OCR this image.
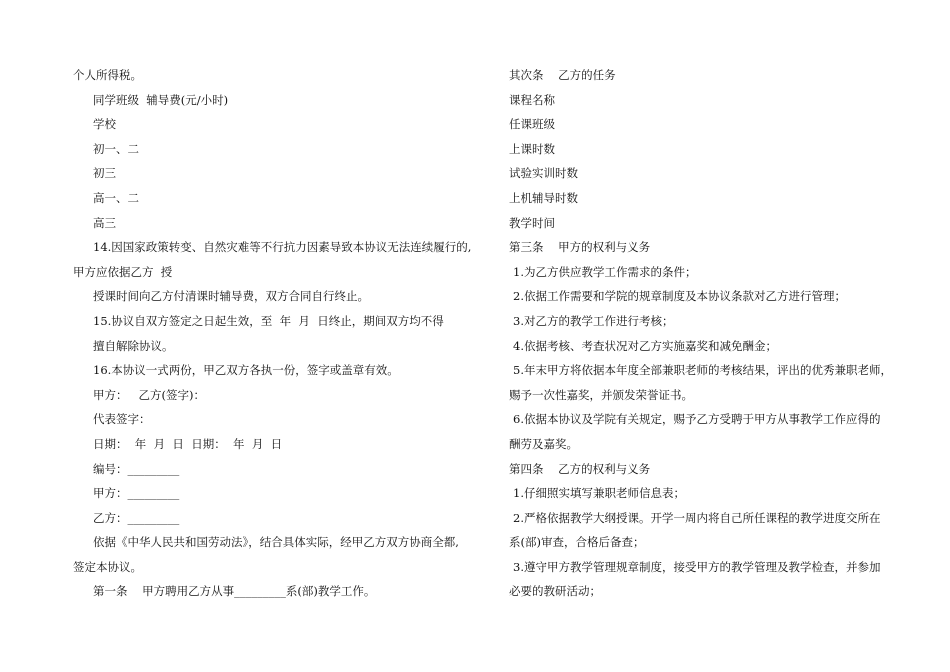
个人所得税。
同学班级  辅导费(元/小时)
学校
初一、二
初三
高一、二
高三
14.因国家政策转变、自然灾难等不行抗力因素导致本协议无法连续履行的,
甲方应依据乙方  授
授课时间向乙方付清课时辅导费，双方合同自行终止。
15.协议自双方签定之日起生效，至  年  月  日终止，期间双方均不得
擅自解除协议。
16.本协议一式两份，甲乙双方各执一份，签字或盖章有效。
甲方：   乙方(签字)：
代表签字：
日期：  年  月  日  日期：  年  月  日
编号：_________
甲方：_________
乙方：_________
依据《中华人民共和国劳动法》，结合具体实际，经甲乙方双方协商全都,
签定本协议。
第一条    甲方聘用乙方从事_________系(部)教学工作。
其次条    乙方的任务
课程名称
任课班级
上课时数
试验实训时数
上机辅导时数
教学时间
第三条    甲方的权利与义务
1.为乙方供应教学工作需求的条件；
2.依据工作需要和学院的规章制度及本协议条款对乙方进行管理；
3.对乙方的教学工作进行考核；
4.依据考核、考查状况对乙方实施嘉奖和减免酬金；
5.年末甲方将依据本年度全部兼职老师的考核结果，评出的优秀兼职老师，
赐予一次性嘉奖，并颁发荣誉证书。
6.依据本协议及学院有关规定，赐予乙方受聘于甲方从事教学工作应得的
酬劳及嘉奖。
第四条    乙方的权利与义务
1.仔细照实填写兼职老师信息表；
2.严格依据教学大纲授课。开学一周内将自己所任课程的教学进度交所在
系(部)审查，合格后备查；
3.遵守甲方教学管理规章制度，接受甲方的教学管理及教学检查，并参加
必要的教研活动；
